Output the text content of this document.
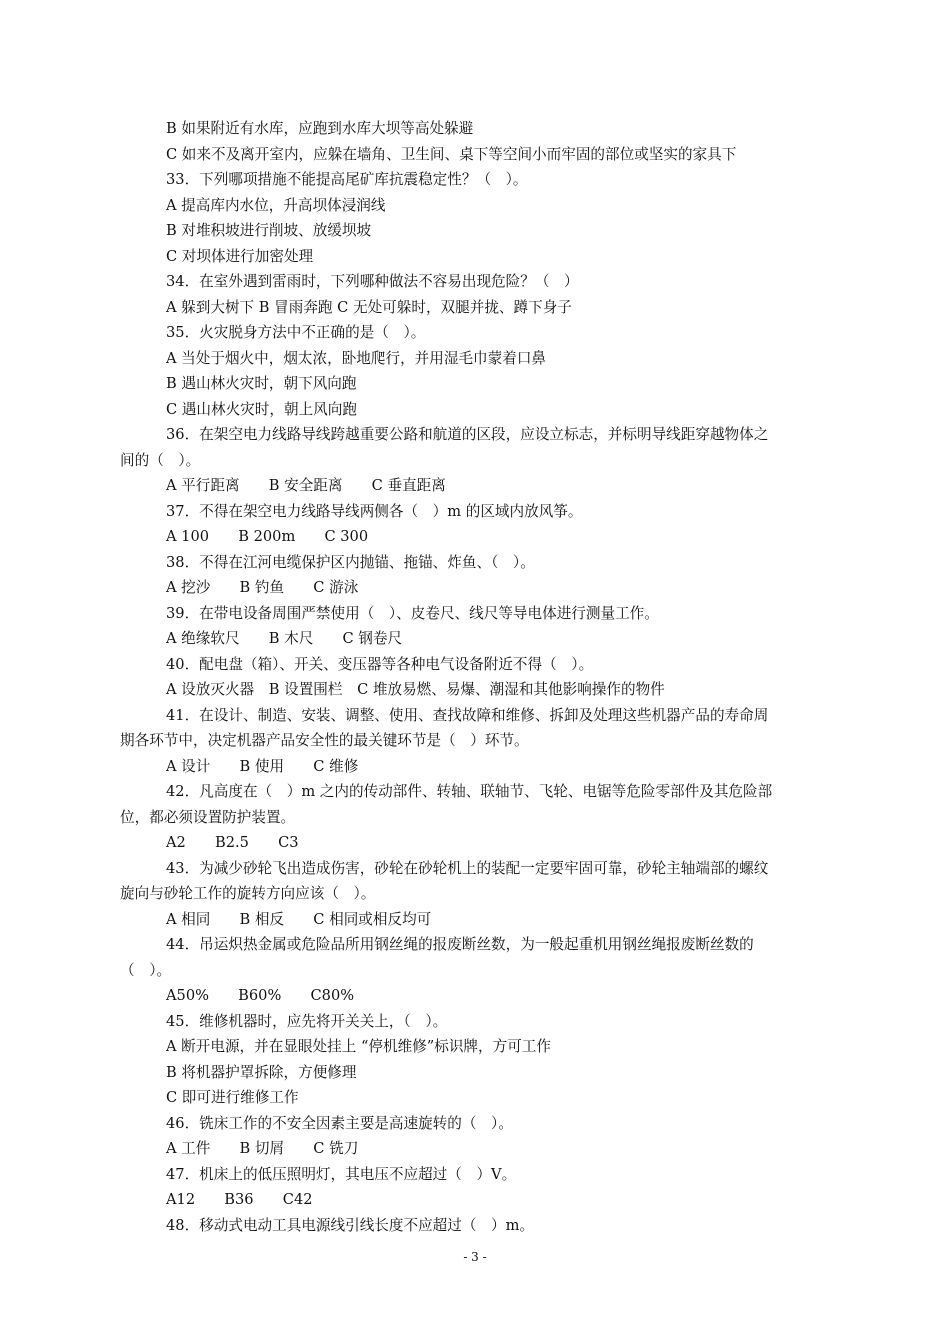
B 如果附近有水库，应跑到水库大坝等高处躲避
C 如来不及离开室内，应躲在墙角、卫生间、桌下等空间小而牢固的部位或坚实的家具下
33．下列哪项措施不能提高尾矿库抗震稳定性？（　）。
A 提高库内水位，升高坝体浸润线
B 对堆积坡进行削坡、放缓坝坡
C 对坝体进行加密处理
34．在室外遇到雷雨时，下列哪种做法不容易出现危险？（　）
A 躲到大树下 B 冒雨奔跑 C 无处可躲时，双腿并拢、蹲下身子
35．火灾脱身方法中不正确的是（　）。
A 当处于烟火中，烟太浓，卧地爬行，并用湿毛巾蒙着口鼻
B 遇山林火灾时，朝下风向跑
C 遇山林火灾时，朝上风向跑
36．在架空电力线路导线跨越重要公路和航道的区段，应设立标志，并标明导线距穿越物体之
间的（　）。
A 平行距离　　B 安全距离　　C 垂直距离
37．不得在架空电力线路导线两侧各（　）m 的区域内放风筝。
A 100　　B 200m　　C 300
38．不得在江河电缆保护区内抛锚、拖锚、炸鱼、（　）。
A 挖沙　　B 钓鱼　　C 游泳
39．在带电设备周围严禁使用（　）、皮卷尺、线尺等导电体进行测量工作。
A 绝缘软尺　　B 木尺　　C 钢卷尺
40．配电盘（箱）、开关、变压器等各种电气设备附近不得（　）。
A 设放灭火器　B 设置围栏　C 堆放易燃、易爆、潮湿和其他影响操作的物件
41．在设计、制造、安装、调整、使用、查找故障和维修、拆卸及处理这些机器产品的寿命周
期各环节中，决定机器产品安全性的最关键环节是（　）环节。
A 设计　　B 使用　　C 维修
42．凡高度在（　）m 之内的传动部件、转轴、联轴节、飞轮、电锯等危险零部件及其危险部
位，都必须设置防护装置。
A2　　B2.5　　C3
43．为减少砂轮飞出造成伤害，砂轮在砂轮机上的装配一定要牢固可靠，砂轮主轴端部的螺纹
旋向与砂轮工作的旋转方向应该（　）。
A 相同　　B 相反　　C 相同或相反均可
44．吊运炽热金属或危险品所用钢丝绳的报废断丝数，为一般起重机用钢丝绳报废断丝数的
（　）。
A50%　　B60%　　C80%
45．维修机器时，应先将开关关上，（　）。
A 断开电源，并在显眼处挂上 “停机维修”标识牌，方可工作
B 将机器护罩拆除，方便修理
C 即可进行维修工作
46．铣床工作的不安全因素主要是高速旋转的（　）。
A 工件　　B 切屑　　C 铣刀
47．机床上的低压照明灯，其电压不应超过（　）V。
A12　　B36　　C42
48．移动式电动工具电源线引线长度不应超过（　）m。
- 3 -
